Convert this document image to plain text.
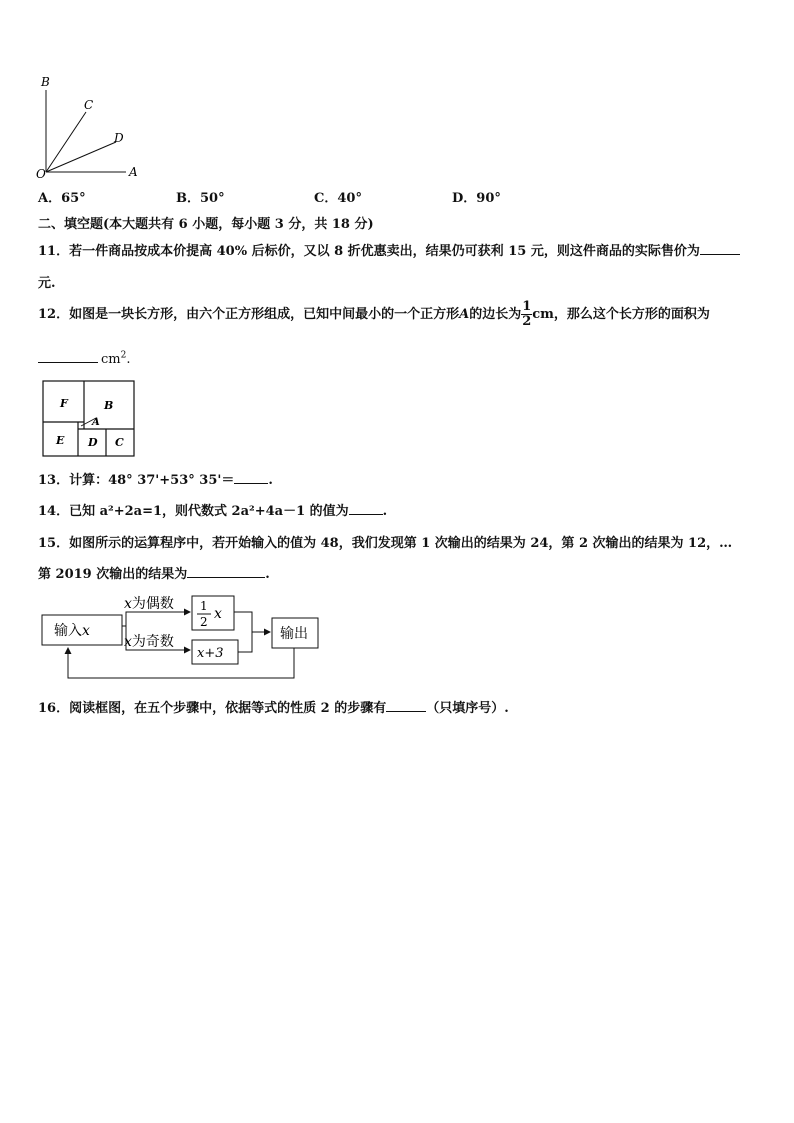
B
C
D
O	A
A．65°	B．50°	C．40°	D．90°
二、填空题(本大题共有 6 小题，每小题 3 分，共 18 分)
11．若一件商品按成本价提高 40% 后标价，又以 8 折优惠卖出，结果仍可获利 15 元，则这件商品的实际售价为
元.
12．如图是一块长方形，由六个正方形组成，已知中间最小的一个正方形A的边长为 $\frac{1}{2}$ cm，那么这个长方形的面积为
$cm^2$.
F	B
A
E D C
13．计算：48° 37'+53° 35'＝	.
14．已知 a²+2a=1，则代数式 2a²+4a－1 的值为	.
15．如图所示的运算程序中，若开始输入的值为 48，我们发现第 1 次输出的结果为 24，第 2 次输出的结果为 12，…
第 2019 次输出的结果为	.
输入x
x为偶数
x为奇数
1
2 x
x+3
输出
16．阅读框图，在五个步骤中，依据等式的性质 2 的步骤有	（只填序号）.
